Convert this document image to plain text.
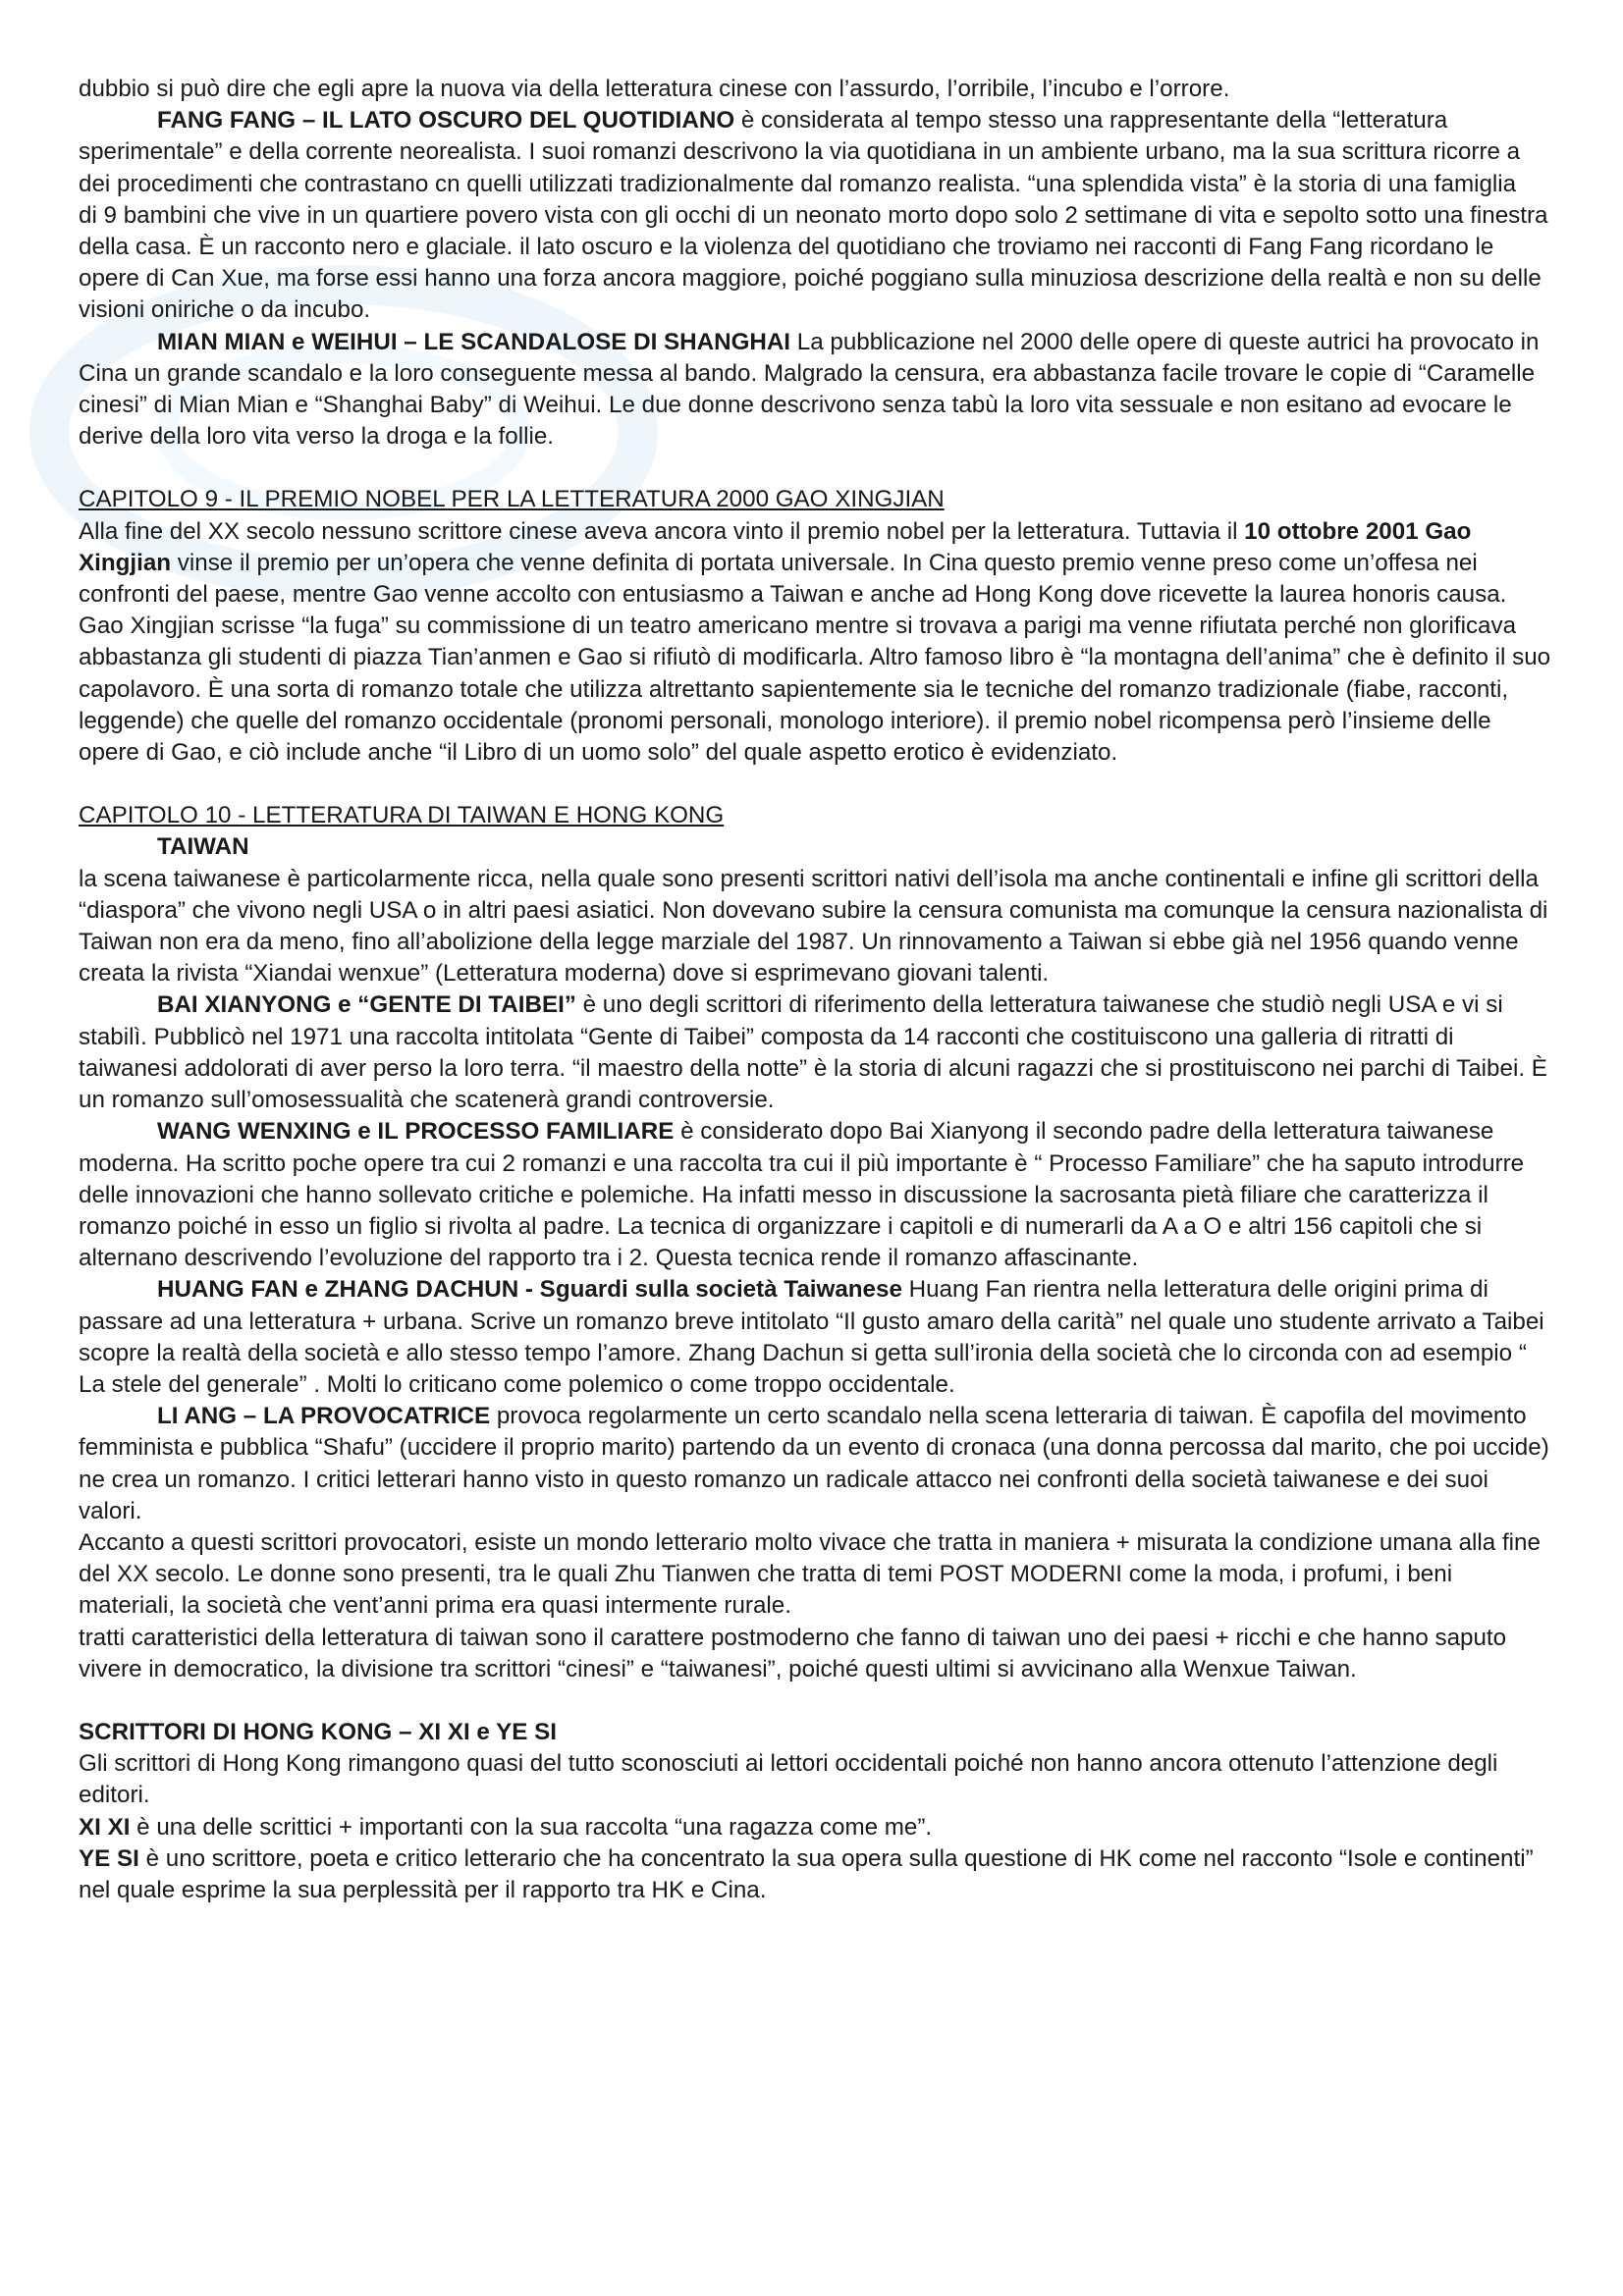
dubbio si può dire che egli apre la nuova via della letteratura cinese con l’assurdo, l’orribile, l’incubo e l’orrore.

FANG FANG – IL LATO OSCURO DEL QUOTIDIANO è considerata al tempo stesso una rappresentante della “letteratura sperimentale” e della corrente neorealista. I suoi romanzi descrivono la via quotidiana in un ambiente urbano, ma la sua scrittura ricorre a dei procedimenti che contrastano cn quelli utilizzati tradizionalmente dal romanzo realista. “una splendida vista” è la storia di una famiglia

di 9 bambini che vive in un quartiere povero vista con gli occhi di un neonato morto dopo solo 2 settimane di vita e sepolto sotto una finestra della casa. È un racconto nero e glaciale. il lato oscuro e la violenza del quotidiano che troviamo nei racconti di Fang Fang ricordano le opere di Can Xue, ma forse essi hanno una forza ancora maggiore, poiché poggiano sulla minuziosa descrizione della realtà e non su delle visioni oniriche o da incubo.

MIAN MIAN e WEIHUI – LE SCANDALOSE DI SHANGHAI La pubblicazione nel 2000 delle opere di queste autrici ha provocato in Cina un grande scandalo e la loro conseguente messa al bando. Malgrado la censura, era abbastanza facile trovare le copie di “Caramelle cinesi” di Mian Mian e “Shanghai Baby” di Weihui. Le due donne descrivono senza tabù la loro vita sessuale e non esitano ad evocare le derive della loro vita verso la droga e la follie.

CAPITOLO 9 - IL PREMIO NOBEL PER LA LETTERATURA 2000 GAO XINGJIAN

Alla fine del XX secolo nessuno scrittore cinese aveva ancora vinto il premio nobel per la letteratura. Tuttavia il 10 ottobre 2001 Gao Xingjian vinse il premio per un’opera che venne definita di portata universale. In Cina questo premio venne preso come un’offesa nei confronti del paese, mentre Gao venne accolto con entusiasmo a Taiwan e anche ad Hong Kong dove ricevette la laurea honoris causa. Gao Xingjian scrisse “la fuga” su commissione di un teatro americano mentre si trovava a parigi ma venne rifiutata perché non glorificava abbastanza gli studenti di piazza Tian’anmen e Gao si rifiutò di modificarla. Altro famoso libro è “la montagna dell’anima” che è definito il suo capolavoro. È una sorta di romanzo totale che utilizza altrettanto sapientemente sia le tecniche del romanzo tradizionale (fiabe, racconti, leggende) che quelle del romanzo occidentale (pronomi personali, monologo interiore). il premio nobel ricompensa però l’insieme delle opere di Gao, e ciò include anche “il Libro di un uomo solo” del quale aspetto erotico è evidenziato.

CAPITOLO 10 - LETTERATURA DI TAIWAN E HONG KONG

TAIWAN

la scena taiwanese è particolarmente ricca, nella quale sono presenti scrittori nativi dell’isola ma anche continentali e infine gli scrittori della “diaspora” che vivono negli USA o in altri paesi asiatici. Non dovevano subire la censura comunista ma comunque la censura nazionalista di Taiwan non era da meno, fino all’abolizione della legge marziale del 1987. Un rinnovamento a Taiwan si ebbe già nel 1956 quando venne creata la rivista “Xiandai wenxue” (Letteratura moderna) dove si esprimevano giovani talenti.

BAI XIANYONG e “GENTE DI TAIBEI” è uno degli scrittori di riferimento della letteratura taiwanese che studiò negli USA e vi si stabilì. Pubblicò nel 1971 una raccolta intitolata “Gente di Taibei” composta da 14 racconti che costituiscono una galleria di ritratti di taiwanesi addolorati di aver perso la loro terra. “il maestro della notte” è la storia di alcuni ragazzi che si prostituiscono nei parchi di Taibei. È un romanzo sull’omosessualità che scatenerà grandi controversie.

WANG WENXING e IL PROCESSO FAMILIARE è considerato dopo Bai Xianyong il secondo padre della letteratura taiwanese moderna. Ha scritto poche opere tra cui 2 romanzi e una raccolta tra cui il più importante è “ Processo Familiare” che ha saputo introdurre delle innovazioni che hanno sollevato critiche e polemiche. Ha infatti messo in discussione la sacrosanta pietà filiare che caratterizza il romanzo poiché in esso un figlio si rivolta al padre. La tecnica di organizzare i capitoli e di numerarli da A a O e altri 156 capitoli che si alternano descrivendo l’evoluzione del rapporto tra i 2. Questa tecnica rende il romanzo affascinante.

HUANG FAN e ZHANG DACHUN - Sguardi sulla società Taiwanese Huang Fan rientra nella letteratura delle origini prima di passare ad una letteratura + urbana. Scrive un romanzo breve intitolato “Il gusto amaro della carità” nel quale uno studente arrivato a Taibei scopre la realtà della società e allo stesso tempo l’amore. Zhang Dachun si getta sull’ironia della società che lo circonda con ad esempio “ La stele del generale” . Molti lo criticano come polemico o come troppo occidentale.

LI ANG – LA PROVOCATRICE provoca regolarmente un certo scandalo nella scena letteraria di taiwan. È capofila del movimento femminista e pubblica “Shafu” (uccidere il proprio marito) partendo da un evento di cronaca (una donna percossa dal marito, che poi uccide) ne crea un romanzo. I critici letterari hanno visto in questo romanzo un radicale attacco nei confronti della società taiwanese e dei suoi valori.

Accanto a questi scrittori provocatori, esiste un mondo letterario molto vivace che tratta in maniera + misurata la condizione umana alla fine del XX secolo. Le donne sono presenti, tra le quali Zhu Tianwen che tratta di temi POST MODERNI come la moda, i profumi, i beni materiali, la società che vent’anni prima era quasi intermente rurale.

tratti caratteristici della letteratura di taiwan sono il carattere postmoderno che fanno di taiwan uno dei paesi + ricchi e che hanno saputo vivere in democratico, la divisione tra scrittori “cinesi” e “taiwanesi”, poiché questi ultimi si avvicinano alla Wenxue Taiwan.

SCRITTORI DI HONG KONG – XI XI e YE SI

Gli scrittori di Hong Kong rimangono quasi del tutto sconosciuti ai lettori occidentali poiché non hanno ancora ottenuto l’attenzione degli editori.

XI XI è una delle scrittici + importanti con la sua raccolta “una ragazza come me”.

YE SI è uno scrittore, poeta e critico letterario che ha concentrato la sua opera sulla questione di HK come nel racconto “Isole e continenti” nel quale esprime la sua perplessità per il rapporto tra HK e Cina.
